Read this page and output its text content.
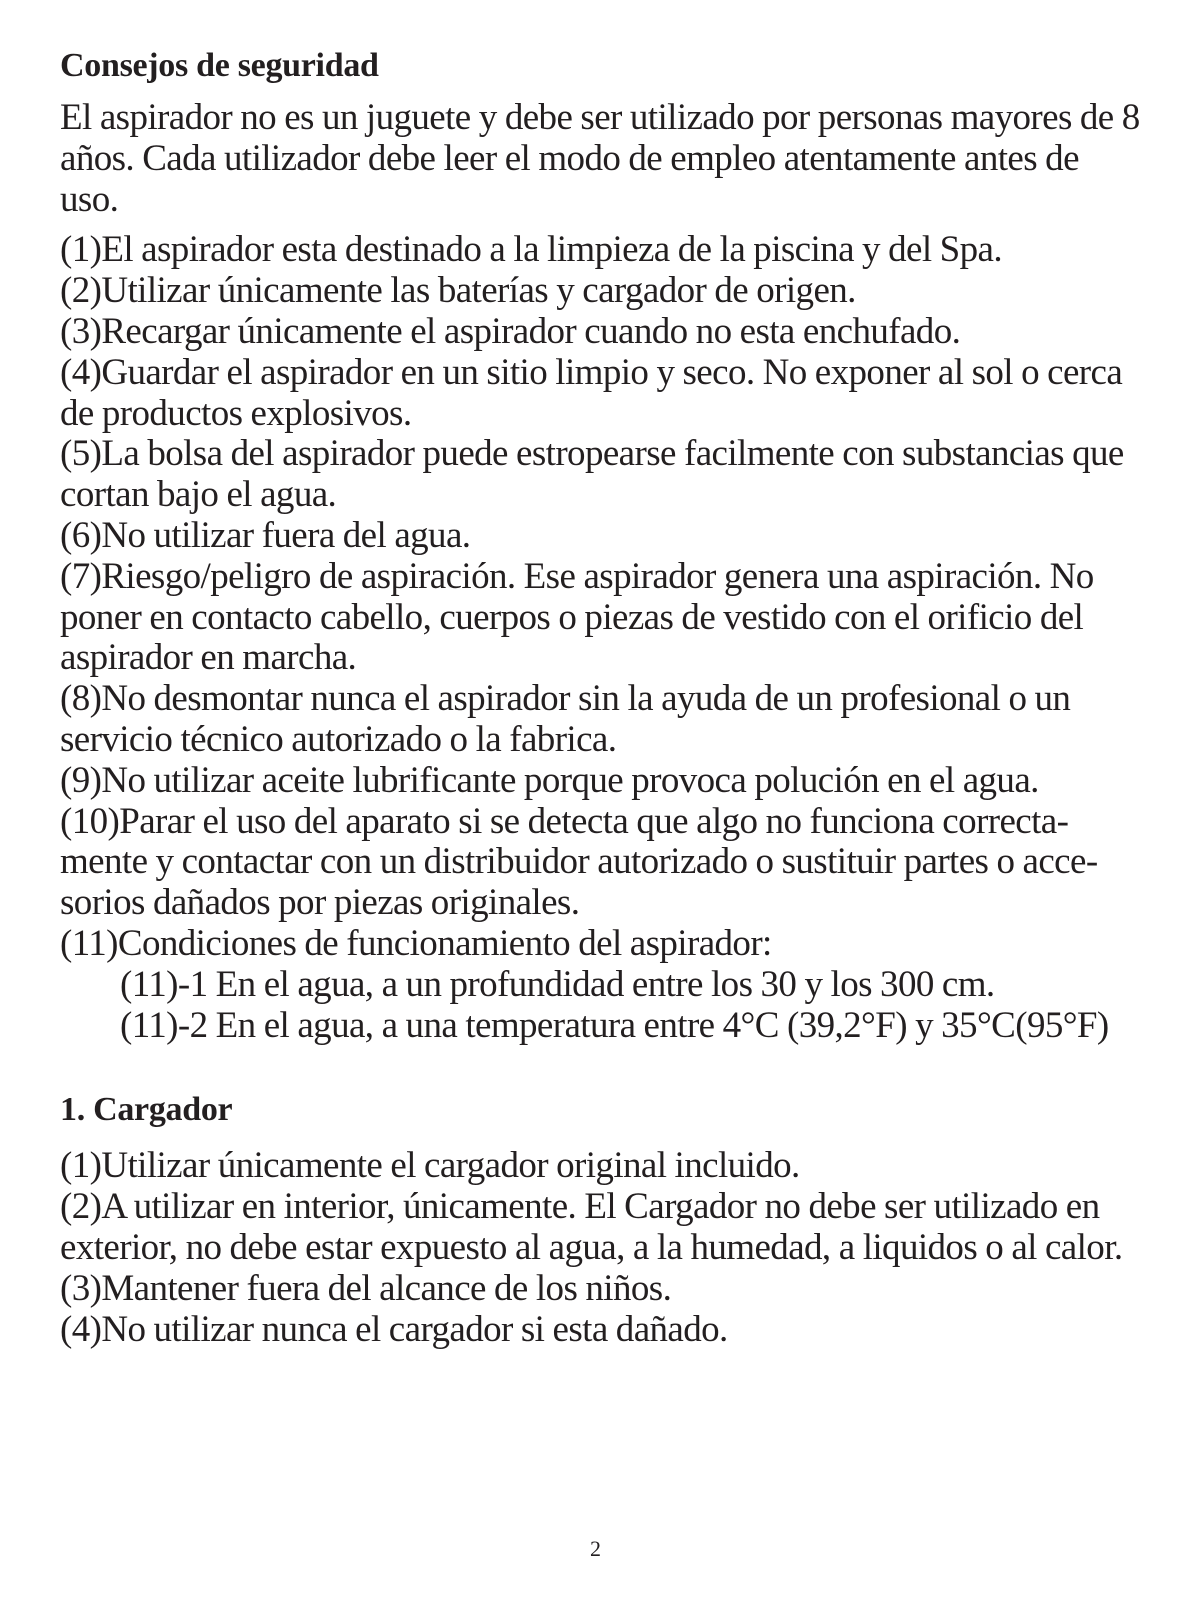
Consejos de seguridad

El aspirador no es un juguete y debe ser utilizado por personas mayores de 8 años. Cada utilizador debe leer el modo de empleo atentamente antes de uso.

(1)El aspirador esta destinado a la limpieza de la piscina y del Spa.
(2)Utilizar únicamente las baterías y cargador de origen.
(3)Recargar únicamente el aspirador cuando no esta enchufado.
(4)Guardar el aspirador en un sitio limpio y seco. No exponer al sol o cerca de productos explosivos.
(5)La bolsa del aspirador puede estropearse facilmente con substancias que cortan bajo el agua.
(6)No utilizar fuera del agua.
(7)Riesgo/peligro de aspiración. Ese aspirador genera una aspiración. No poner en contacto cabello, cuerpos o piezas de vestido con el orificio del aspirador en marcha.
(8)No desmontar nunca el aspirador sin la ayuda de un profesional o un servicio técnico autorizado o la fabrica.
(9)No utilizar aceite lubrificante porque provoca polución en el agua.
(10)Parar el uso del aparato si se detecta que algo no funciona correcta-mente y contactar con un distribuidor autorizado o sustituir partes o acce-sorios dañados por piezas originales.
(11)Condiciones de funcionamiento del aspirador:
(11)-1 En el agua, a un profundidad entre los 30 y los 300 cm.
(11)-2 En el agua, a una temperatura entre 4°C (39,2°F) y 35°C(95°F)
1. Cargador
(1)Utilizar únicamente el cargador original incluido.
(2)A utilizar en interior, únicamente. El Cargador no debe ser utilizado en exterior, no debe estar expuesto al agua, a la humedad, a liquidos o al calor.
(3)Mantener fuera del alcance de los niños.
(4)No utilizar nunca el cargador si esta dañado.
2
